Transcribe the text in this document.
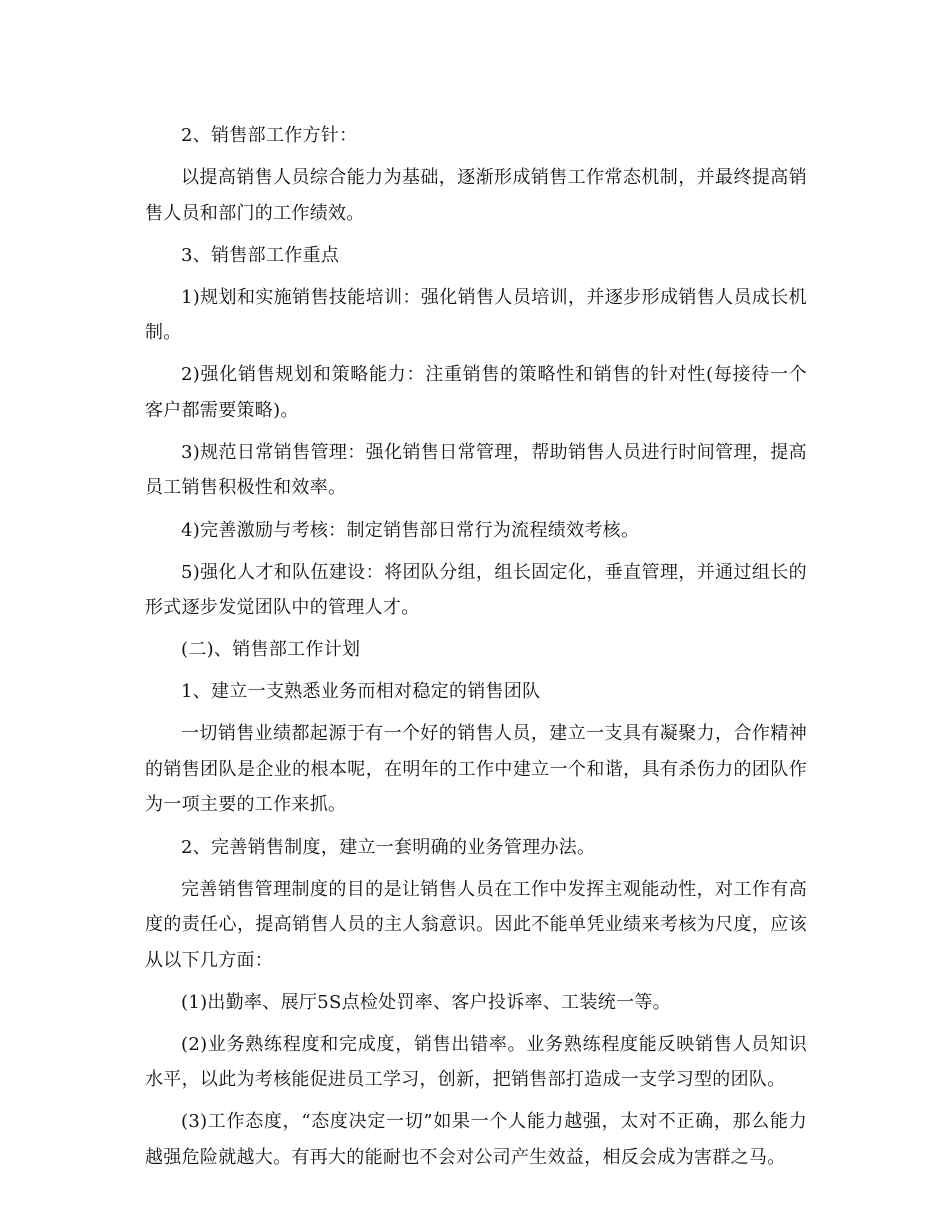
2、销售部工作方针：

以提高销售人员综合能力为基础，逐渐形成销售工作常态机制，并最终提高销售人员和部门的工作绩效。

3、销售部工作重点

1)规划和实施销售技能培训：强化销售人员培训，并逐步形成销售人员成长机制。

2)强化销售规划和策略能力：注重销售的策略性和销售的针对性(每接待一个客户都需要策略)。

3)规范日常销售管理：强化销售日常管理，帮助销售人员进行时间管理，提高员工销售积极性和效率。

4)完善激励与考核：制定销售部日常行为流程绩效考核。

5)强化人才和队伍建设：将团队分组，组长固定化，垂直管理，并通过组长的形式逐步发觉团队中的管理人才。

(二)、销售部工作计划

1、建立一支熟悉业务而相对稳定的销售团队

一切销售业绩都起源于有一个好的销售人员，建立一支具有凝聚力，合作精神的销售团队是企业的根本呢，在明年的工作中建立一个和谐，具有杀伤力的团队作为一项主要的工作来抓。

2、完善销售制度，建立一套明确的业务管理办法。

完善销售管理制度的目的是让销售人员在工作中发挥主观能动性，对工作有高度的责任心，提高销售人员的主人翁意识。因此不能单凭业绩来考核为尺度，应该从以下几方面：

(1)出勤率、展厅5S点检处罚率、客户投诉率、工装统一等。

(2)业务熟练程度和完成度，销售出错率。业务熟练程度能反映销售人员知识水平，以此为考核能促进员工学习，创新，把销售部打造成一支学习型的团队。

(3)工作态度，“态度决定一切”如果一个人能力越强，太对不正确，那么能力越强危险就越大。有再大的能耐也不会对公司产生效益，相反会成为害群之马。
